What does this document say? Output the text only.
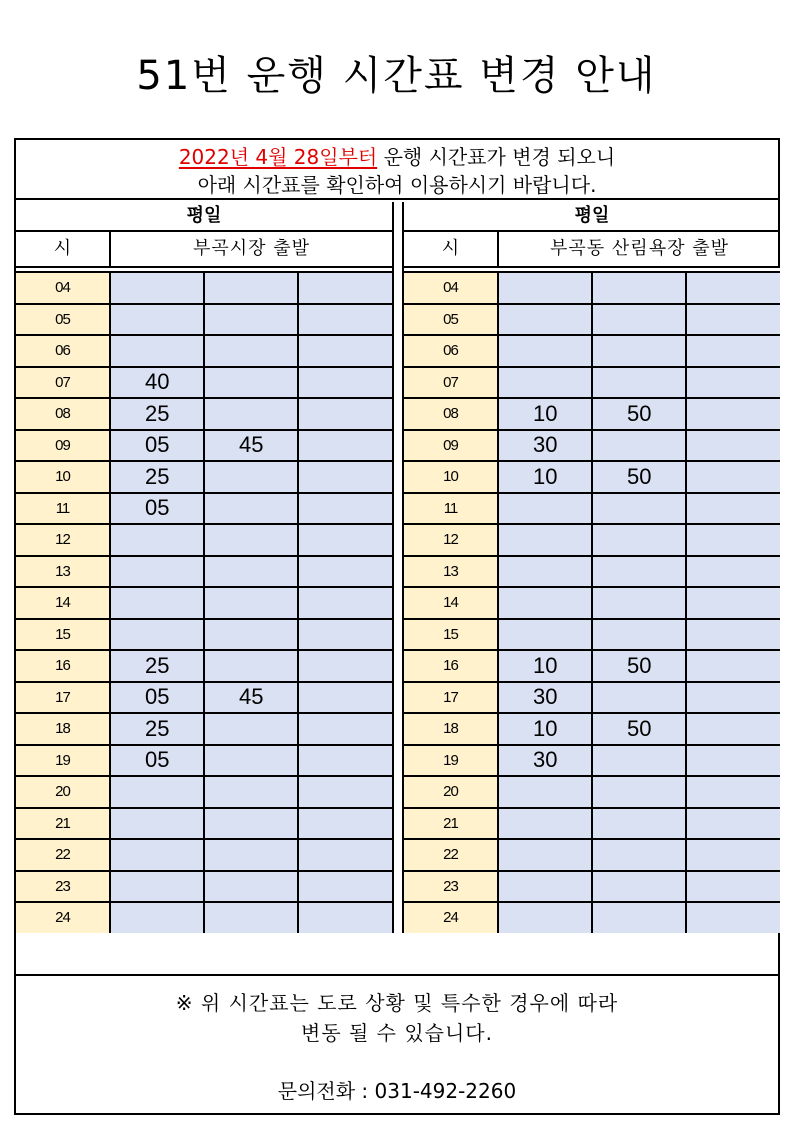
51번 운행 시간표 변경 안내
2022년 4월 28일부터 운행 시간표가 변경 되오니
아래 시간표를 확인하여 이용하시기 바랍니다.
평일
시	부곡시장 출발
04			
05			
06			
07	40		
08	25		
09	05	45	
10	25		
11	05		
12			
13			
14			
15			
16	25		
17	05	45	
18	25		
19	05		
20			
21			
22			
23			
24			
평일
시	부곡동 산림욕장 출발
04			
05			
06			
07			
08	10	50	
09	30		
10	10	50	
11			
12			
13			
14			
15			
16	10	50	
17	30		
18	10	50	
19	30		
20			
21			
22			
23			
24			
※ 위 시간표는 도로 상황 및 특수한 경우에 따라
변동 될 수 있습니다.
문의전화 : 031-492-2260
